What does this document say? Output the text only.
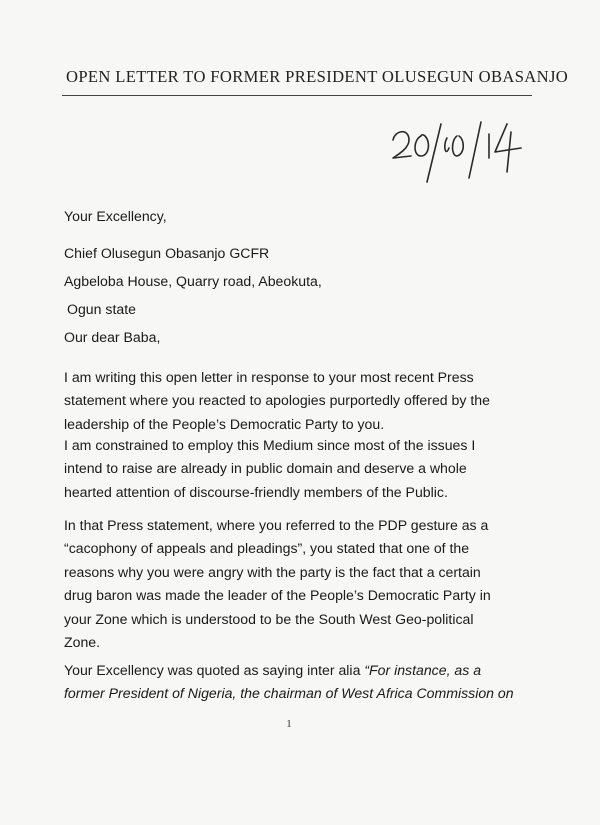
OPEN LETTER TO FORMER PRESIDENT OLUSEGUN OBASANJO
Your Excellency,
Chief Olusegun Obasanjo GCFR
Agbeloba House, Quarry road, Abeokuta,
Ogun state
Our dear Baba,

I am writing this open letter in response to your most recent Press

statement where you reacted to apologies purportedly offered by the

leadership of the People’s Democratic Party to you.

I am constrained to employ this Medium since most of the issues I

intend to raise are already in public domain and deserve a whole

hearted attention of discourse-friendly members of the Public.

In that Press statement, where you referred to the PDP gesture as a

“cacophony of appeals and pleadings”, you stated that one of the

reasons why you were angry with the party is the fact that a certain

drug baron was made the leader of the People’s Democratic Party in

your Zone which is understood to be the South West Geo-political

Zone.

Your Excellency was quoted as saying inter alia “For instance, as a

former President of Nigeria, the chairman of West Africa Commission on

1
